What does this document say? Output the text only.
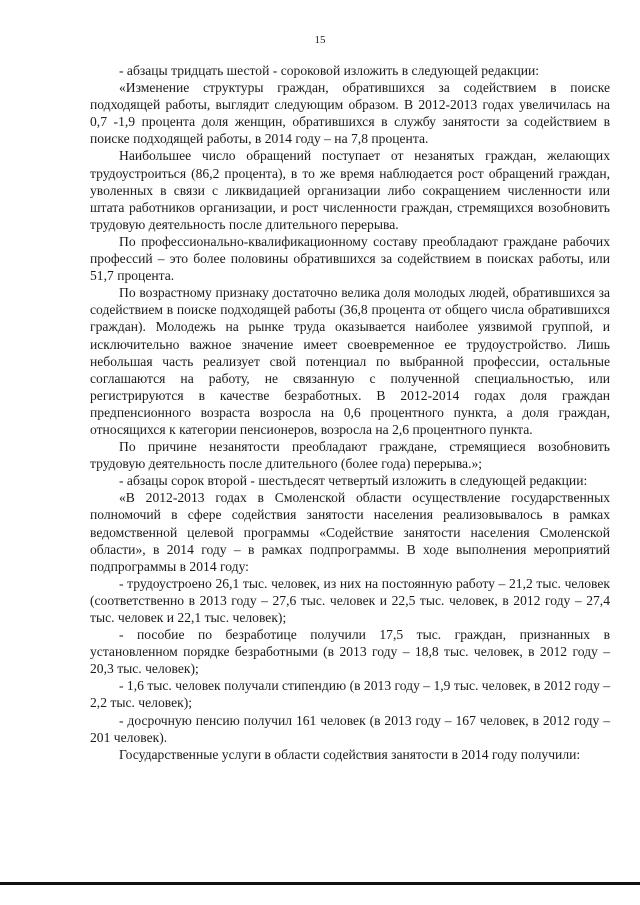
15

- абзацы тридцать шестой - сороковой изложить в следующей редакции:

«Изменение структуры граждан, обратившихся за содействием в поиске подходящей работы, выглядит следующим образом. В 2012-2013 годах увеличилась на 0,7 -1,9 процента доля женщин, обратившихся в службу занятости за содействием в поиске подходящей работы, в 2014 году – на 7,8 процента.

Наибольшее число обращений поступает от незанятых граждан, желающих трудоустроиться (86,2 процента), в то же время наблюдается рост обращений граждан, уволенных в связи с ликвидацией организации либо сокращением численности или штата работников организации, и рост численности граждан, стремящихся возобновить трудовую деятельность после длительного перерыва.

По профессионально-квалификационному составу преобладают граждане рабочих профессий – это более половины обратившихся за содействием в поисках работы, или 51,7 процента.

По возрастному признаку достаточно велика доля молодых людей, обратившихся за содействием в поиске подходящей работы (36,8 процента от общего числа обратившихся граждан). Молодежь на рынке труда оказывается наиболее уязвимой группой, и исключительно важное значение имеет своевременное ее трудоустройство. Лишь небольшая часть реализует свой потенциал по выбранной профессии, остальные соглашаются на работу, не связанную с полученной специальностью, или регистрируются в качестве безработных. В 2012-2014 годах доля граждан предпенсионного возраста возросла на 0,6 процентного пункта, а доля граждан, относящихся к категории пенсионеров, возросла на 2,6 процентного пункта.

По причине незанятости преобладают граждане, стремящиеся возобновить трудовую деятельность после длительного (более года) перерыва.»;

- абзацы сорок второй - шестьдесят четвертый изложить в следующей редакции:

«В 2012-2013 годах в Смоленской области осуществление государственных полномочий в сфере содействия занятости населения реализовывалось в рамках ведомственной целевой программы «Содействие занятости населения Смоленской области», в 2014 году – в рамках подпрограммы. В ходе выполнения мероприятий подпрограммы в 2014 году:

- трудоустроено 26,1 тыс. человек, из них на постоянную работу – 21,2 тыс. человек (соответственно в 2013 году – 27,6 тыс. человек и 22,5 тыс. человек, в 2012 году – 27,4 тыс. человек и 22,1 тыс. человек);

- пособие по безработице получили 17,5 тыс. граждан, признанных в установленном порядке безработными (в 2013 году – 18,8 тыс. человек, в 2012 году – 20,3 тыс. человек);

- 1,6 тыс. человек получали стипендию (в 2013 году – 1,9 тыс. человек, в 2012 году – 2,2 тыс. человек);

- досрочную пенсию получил 161 человек (в 2013 году – 167 человек, в 2012 году – 201 человек).

Государственные услуги в области содействия занятости в 2014 году получили:
